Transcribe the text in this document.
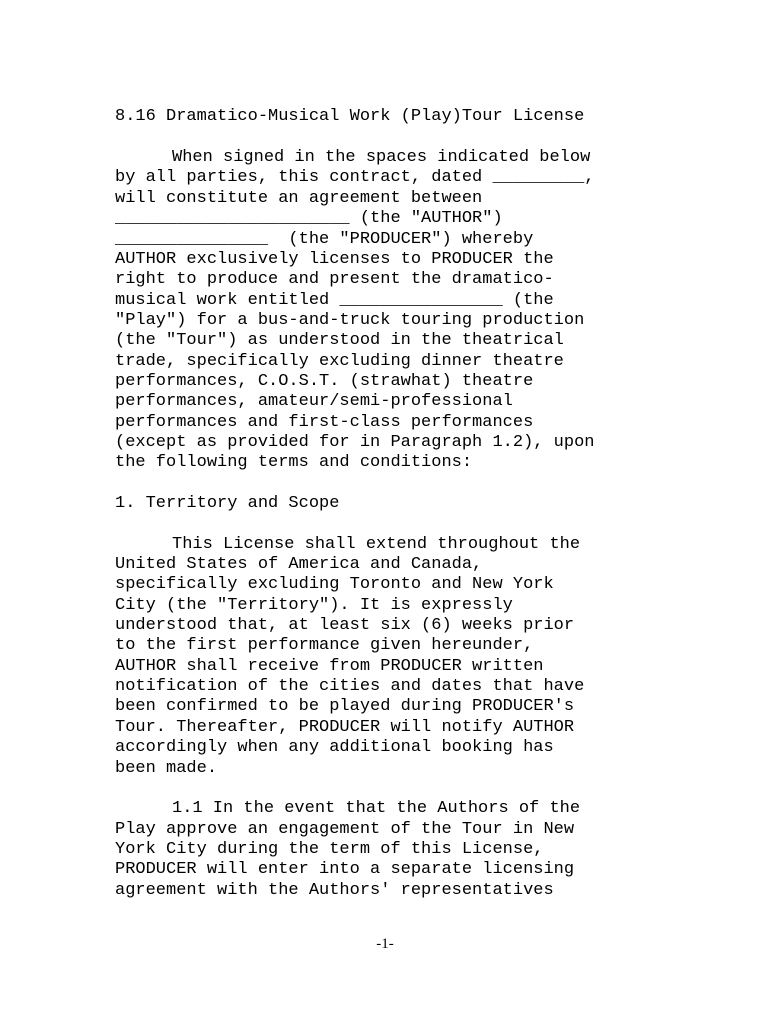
8.16 Dramatico-Musical Work (Play)Tour License

When signed in the spaces indicated below

by all parties, this contract, dated _________,

will constitute an agreement between

_______________________ (the "AUTHOR")

_______________  (the "PRODUCER") whereby

AUTHOR exclusively licenses to PRODUCER the

right to produce and present the dramatico-

musical work entitled ________________ (the

"Play") for a bus-and-truck touring production

(the "Tour") as understood in the theatrical

trade, specifically excluding dinner theatre

performances, C.O.S.T. (strawhat) theatre

performances, amateur/semi-professional

performances and first-class performances

(except as provided for in Paragraph 1.2), upon

the following terms and conditions:

1. Territory and Scope

This License shall extend throughout the

United States of America and Canada,

specifically excluding Toronto and New York

City (the "Territory"). It is expressly

understood that, at least six (6) weeks prior

to the first performance given hereunder,

AUTHOR shall receive from PRODUCER written

notification of the cities and dates that have

been confirmed to be played during PRODUCER's

Tour. Thereafter, PRODUCER will notify AUTHOR

accordingly when any additional booking has

been made.

1.1 In the event that the Authors of the

Play approve an engagement of the Tour in New

York City during the term of this License,

PRODUCER will enter into a separate licensing

agreement with the Authors' representatives

-1-
